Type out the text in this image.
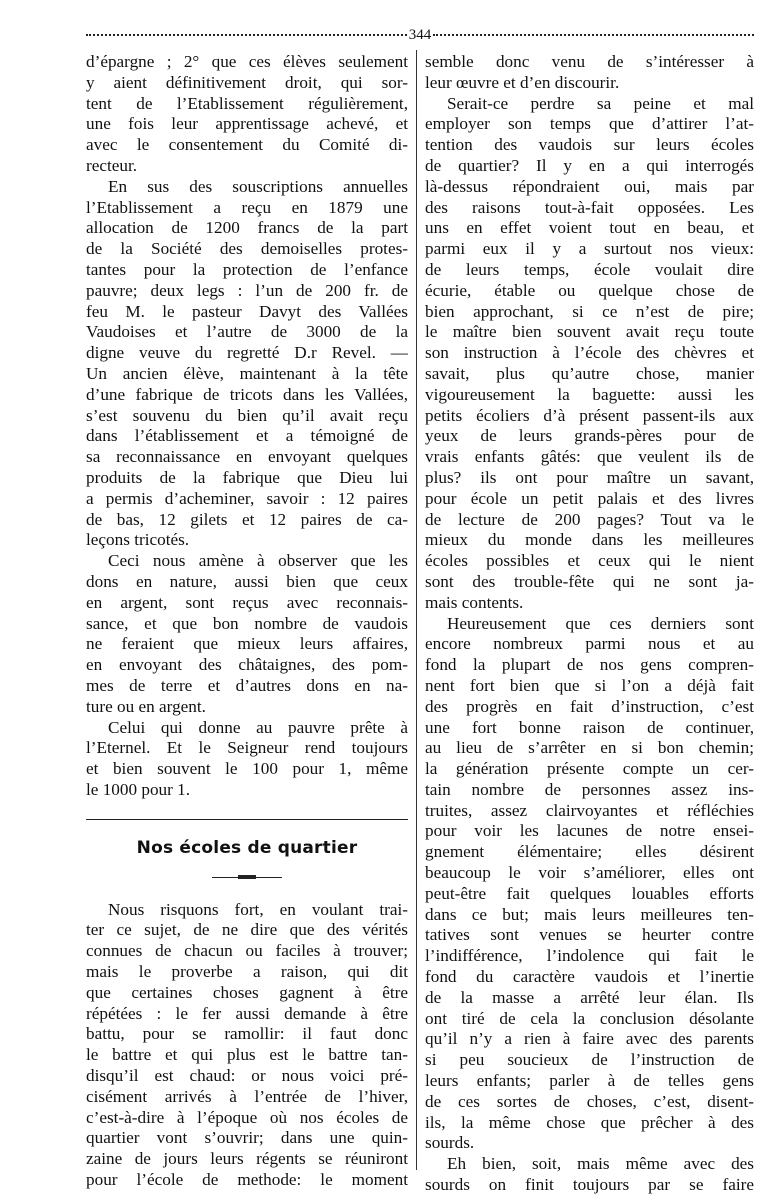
344
d’épargne ; 2° que ces élèves seulement
y aient définitivement droit, qui sor-
tent de l’Etablissement régulièrement,
une fois leur apprentissage achevé, et
avec le consentement du Comité di-
recteur.
En sus des souscriptions annuelles
l’Etablissement a reçu en 1879 une
allocation de 1200 francs de la part
de la Société des demoiselles protes-
tantes pour la protection de l’enfance
pauvre; deux legs : l’un de 200 fr. de
feu M. le pasteur Davyt des Vallées
Vaudoises et l’autre de 3000 de la
digne veuve du regretté D.r Revel. —
Un ancien élève, maintenant à la tête
d’une fabrique de tricots dans les Vallées,
s’est souvenu du bien qu’il avait reçu
dans l’établissement et a témoigné de
sa reconnaissance en envoyant quelques
produits de la fabrique que Dieu lui
a permis d’acheminer, savoir : 12 paires
de bas, 12 gilets et 12 paires de ca-
leçons tricotés.
Ceci nous amène à observer que les
dons en nature, aussi bien que ceux
en argent, sont reçus avec reconnais-
sance, et que bon nombre de vaudois
ne feraient que mieux leurs affaires,
en envoyant des châtaignes, des pom-
mes de terre et d’autres dons en na-
ture ou en argent.
Celui qui donne au pauvre prête à
l’Eternel. Et le Seigneur rend toujours
et bien souvent le 100 pour 1, même
le 1000 pour 1.
Nos écoles de quartier
Nous risquons fort, en voulant trai-
ter ce sujet, de ne dire que des vérités
connues de chacun ou faciles à trouver;
mais le proverbe a raison, qui dit
que certaines choses gagnent à être
répétées : le fer aussi demande à être
battu, pour se ramollir: il faut donc
le battre et qui plus est le battre tan-
disqu’il est chaud: or nous voici pré-
cisément arrivés à l’entrée de l’hiver,
c’est-à-dire à l’époque où nos écoles de
quartier vont s’ouvrir; dans une quin-
zaine de jours leurs régents se réuniront
pour l’école de methode: le moment
semble donc venu de s’intéresser à
leur œuvre et d’en discourir.
Serait-ce perdre sa peine et mal
employer son temps que d’attirer l’at-
tention des vaudois sur leurs écoles
de quartier? Il y en a qui interrogés
là-dessus répondraient oui, mais par
des raisons tout-à-fait opposées. Les
uns en effet voient tout en beau, et
parmi eux il y a surtout nos vieux:
de leurs temps, école voulait dire
écurie, étable ou quelque chose de
bien approchant, si ce n’est de pire;
le maître bien souvent avait reçu toute
son instruction à l’école des chèvres et
savait, plus qu’autre chose, manier
vigoureusement la baguette: aussi les
petits écoliers d’à présent passent-ils aux
yeux de leurs grands-pères pour de
vrais enfants gâtés: que veulent ils de
plus? ils ont pour maître un savant,
pour école un petit palais et des livres
de lecture de 200 pages? Tout va le
mieux du monde dans les meilleures
écoles possibles et ceux qui le nient
sont des trouble-fête qui ne sont ja-
mais contents.
Heureusement que ces derniers sont
encore nombreux parmi nous et au
fond la plupart de nos gens compren-
nent fort bien que si l’on a déjà fait
des progrès en fait d’instruction, c’est
une fort bonne raison de continuer,
au lieu de s’arrêter en si bon chemin;
la génération présente compte un cer-
tain nombre de personnes assez ins-
truites, assez clairvoyantes et réfléchies
pour voir les lacunes de notre ensei-
gnement élémentaire; elles désirent
beaucoup le voir s’améliorer, elles ont
peut-être fait quelques louables efforts
dans ce but; mais leurs meilleures ten-
tatives sont venues se heurter contre
l’indifférence, l’indolence qui fait le
fond du caractère vaudois et l’inertie
de la masse a arrêté leur élan. Ils
ont tiré de cela la conclusion désolante
qu’il n’y a rien à faire avec des parents
si peu soucieux de l’instruction de
leurs enfants; parler à de telles gens
de ces sortes de choses, c’est, disent-
ils, la même chose que prêcher à des
sourds.
Eh bien, soit, mais même avec des
sourds on finit toujours par se faire
